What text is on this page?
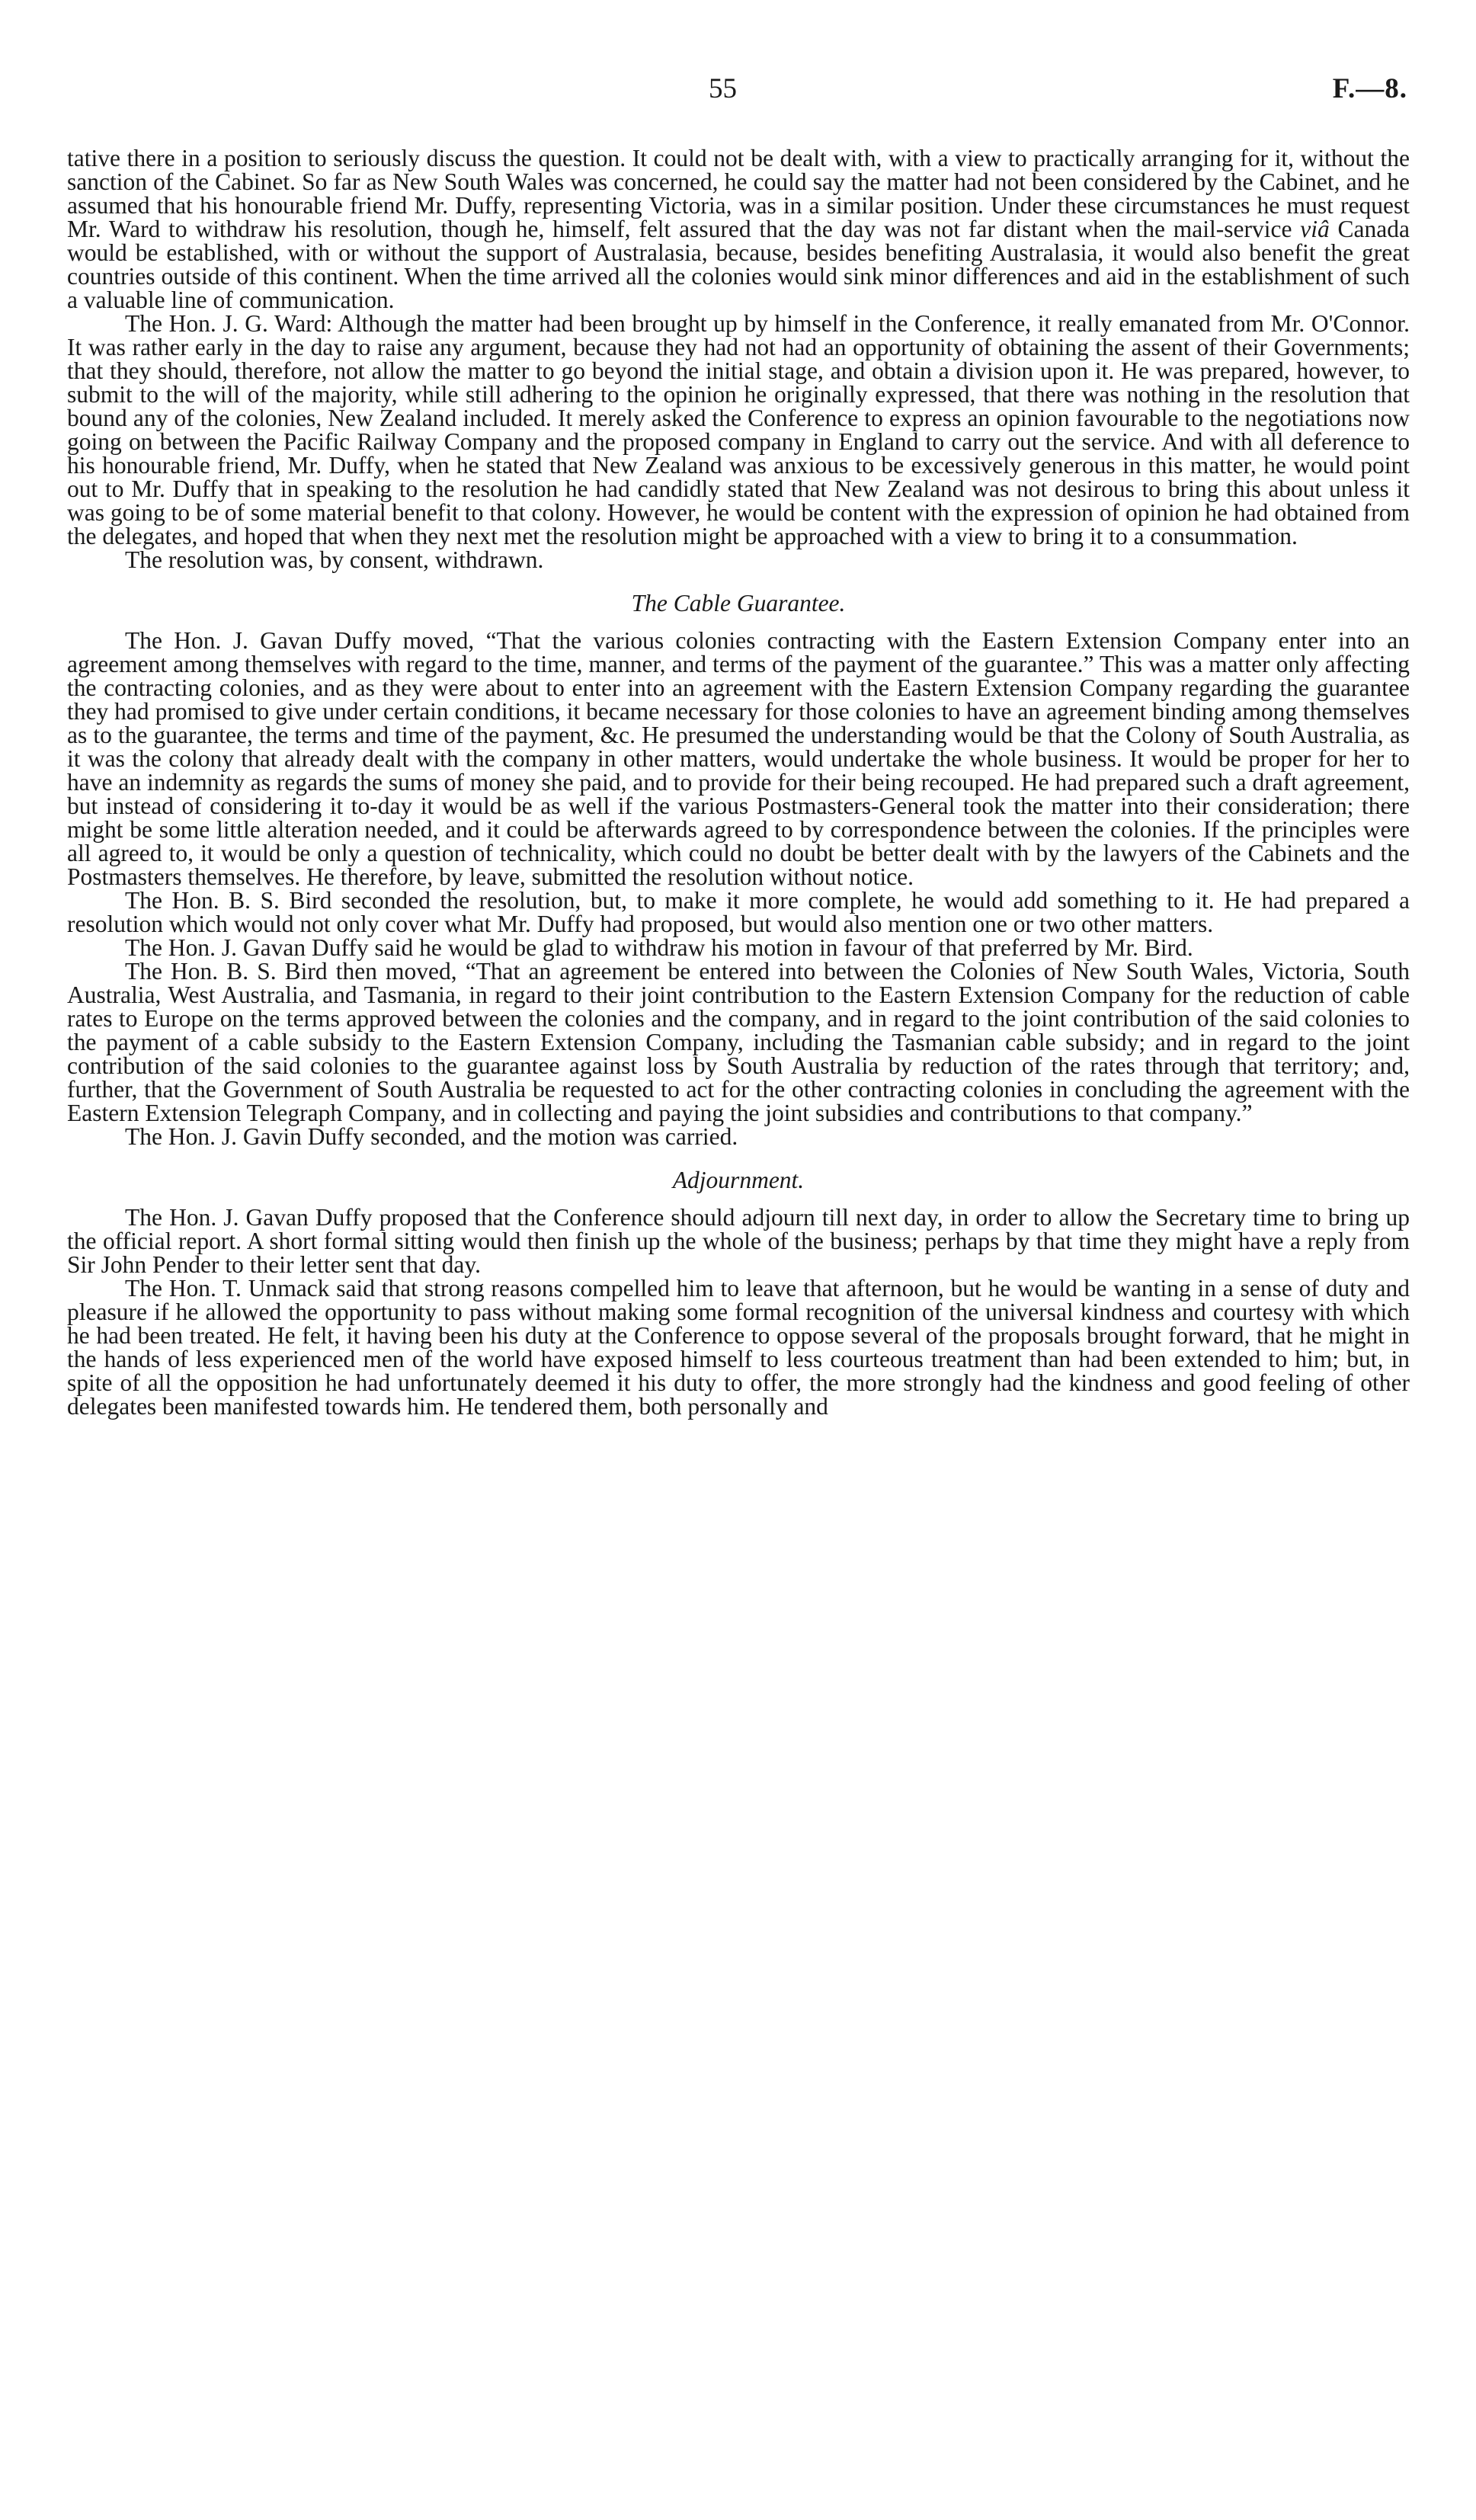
55	F.—8.

tative there in a position to seriously discuss the question. It could not be dealt with, with a view to practically arranging for it, without the sanction of the Cabinet. So far as New South Wales was concerned, he could say the matter had not been considered by the Cabinet, and he assumed that his honourable friend Mr. Duffy, representing Victoria, was in a similar position. Under these circumstances he must request Mr. Ward to withdraw his resolution, though he, himself, felt assured that the day was not far distant when the mail-service viâ Canada would be established, with or without the support of Australasia, because, besides benefiting Australasia, it would also benefit the great countries outside of this continent. When the time arrived all the colonies would sink minor differences and aid in the establishment of such a valuable line of communication.

The Hon. J. G. Ward: Although the matter had been brought up by himself in the Conference, it really emanated from Mr. O'Connor. It was rather early in the day to raise any argument, because they had not had an opportunity of obtaining the assent of their Governments; that they should, therefore, not allow the matter to go beyond the initial stage, and obtain a division upon it. He was prepared, however, to submit to the will of the majority, while still adhering to the opinion he originally expressed, that there was nothing in the resolution that bound any of the colonies, New Zealand included. It merely asked the Conference to express an opinion favourable to the negotiations now going on between the Pacific Railway Company and the proposed company in England to carry out the service. And with all deference to his honourable friend, Mr. Duffy, when he stated that New Zealand was anxious to be excessively generous in this matter, he would point out to Mr. Duffy that in speaking to the resolution he had candidly stated that New Zealand was not desirous to bring this about unless it was going to be of some material benefit to that colony. However, he would be content with the expression of opinion he had obtained from the delegates, and hoped that when they next met the resolution might be approached with a view to bring it to a consummation.

The resolution was, by consent, withdrawn.

The Cable Guarantee.

The Hon. J. Gavan Duffy moved, “That the various colonies contracting with the Eastern Extension Company enter into an agreement among themselves with regard to the time, manner, and terms of the payment of the guarantee.” This was a matter only affecting the contracting colonies, and as they were about to enter into an agreement with the Eastern Extension Company regarding the guarantee they had promised to give under certain conditions, it became necessary for those colonies to have an agreement binding among themselves as to the guarantee, the terms and time of the payment, &c. He presumed the understanding would be that the Colony of South Australia, as it was the colony that already dealt with the company in other matters, would undertake the whole business. It would be proper for her to have an indemnity as regards the sums of money she paid, and to provide for their being recouped. He had prepared such a draft agreement, but instead of considering it to-day it would be as well if the various Postmasters-General took the matter into their consideration; there might be some little alteration needed, and it could be afterwards agreed to by correspondence between the colonies. If the principles were all agreed to, it would be only a question of technicality, which could no doubt be better dealt with by the lawyers of the Cabinets and the Postmasters themselves. He therefore, by leave, submitted the resolution without notice.

The Hon. B. S. Bird seconded the resolution, but, to make it more complete, he would add something to it. He had prepared a resolution which would not only cover what Mr. Duffy had proposed, but would also mention one or two other matters.

The Hon. J. Gavan Duffy said he would be glad to withdraw his motion in favour of that preferred by Mr. Bird.

The Hon. B. S. Bird then moved, “That an agreement be entered into between the Colonies of New South Wales, Victoria, South Australia, West Australia, and Tasmania, in regard to their joint contribution to the Eastern Extension Company for the reduction of cable rates to Europe on the terms approved between the colonies and the company, and in regard to the joint contribution of the said colonies to the payment of a cable subsidy to the Eastern Extension Company, including the Tasmanian cable subsidy; and in regard to the joint contribution of the said colonies to the guarantee against loss by South Australia by reduction of the rates through that territory; and, further, that the Government of South Australia be requested to act for the other contracting colonies in concluding the agreement with the Eastern Extension Telegraph Company, and in collecting and paying the joint subsidies and contributions to that company.”

The Hon. J. Gavin Duffy seconded, and the motion was carried.

Adjournment.

The Hon. J. Gavan Duffy proposed that the Conference should adjourn till next day, in order to allow the Secretary time to bring up the official report. A short formal sitting would then finish up the whole of the business; perhaps by that time they might have a reply from Sir John Pender to their letter sent that day.

The Hon. T. Unmack said that strong reasons compelled him to leave that afternoon, but he would be wanting in a sense of duty and pleasure if he allowed the opportunity to pass without making some formal recognition of the universal kindness and courtesy with which he had been treated. He felt, it having been his duty at the Conference to oppose several of the proposals brought forward, that he might in the hands of less experienced men of the world have exposed himself to less courteous treatment than had been extended to him; but, in spite of all the opposition he had unfortunately deemed it his duty to offer, the more strongly had the kindness and good feeling of other delegates been manifested towards him. He tendered them, both personally and
